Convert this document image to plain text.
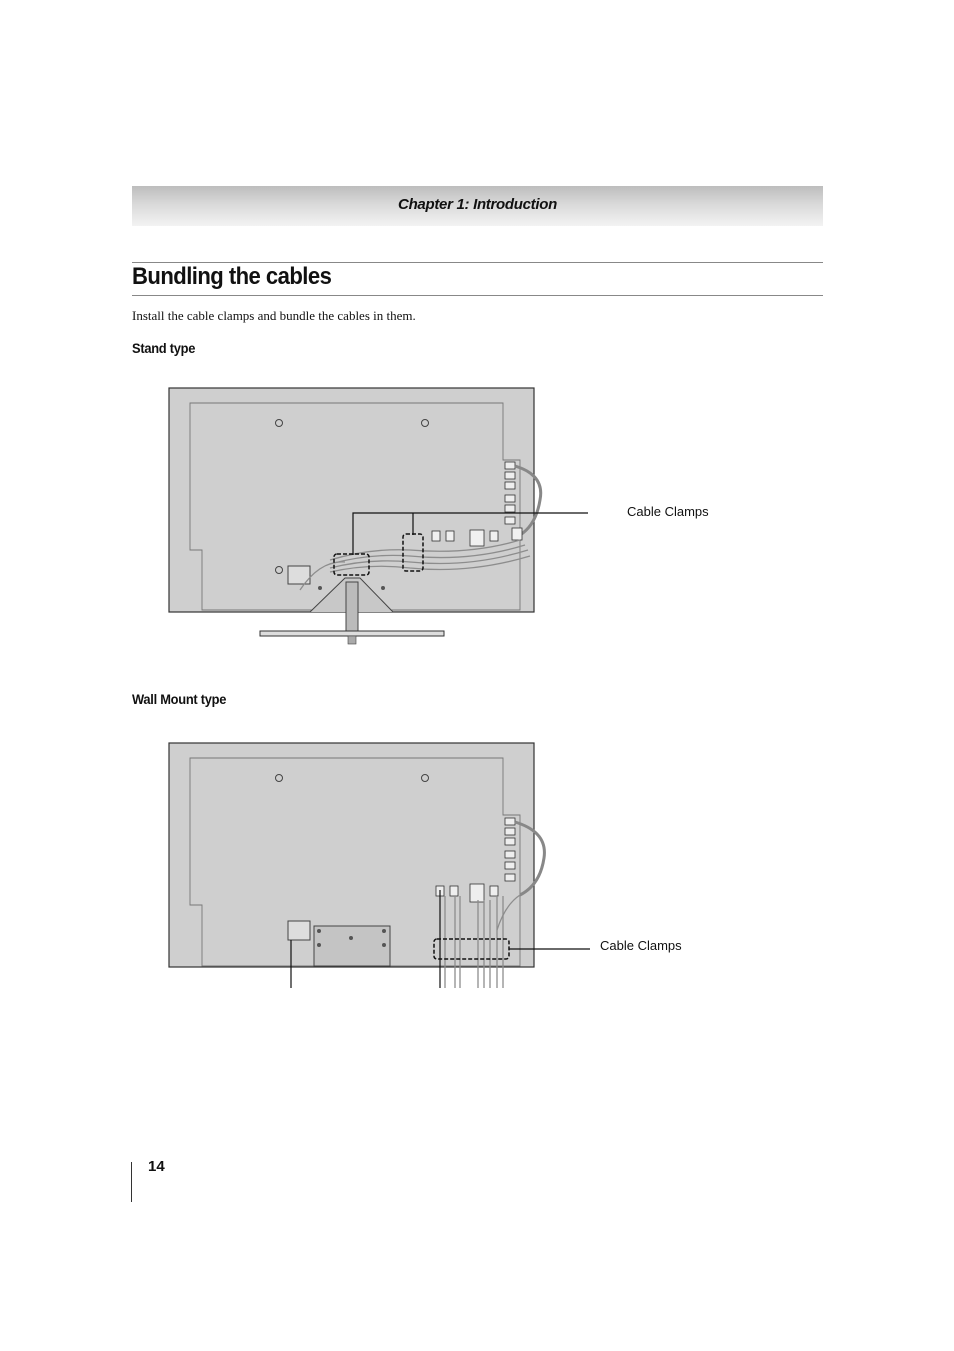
Chapter 1: Introduction
Bundling the cables
Install the cable clamps and bundle the cables in them.
Stand type
Cable Clamps
Wall Mount type
Cable Clamps
14
